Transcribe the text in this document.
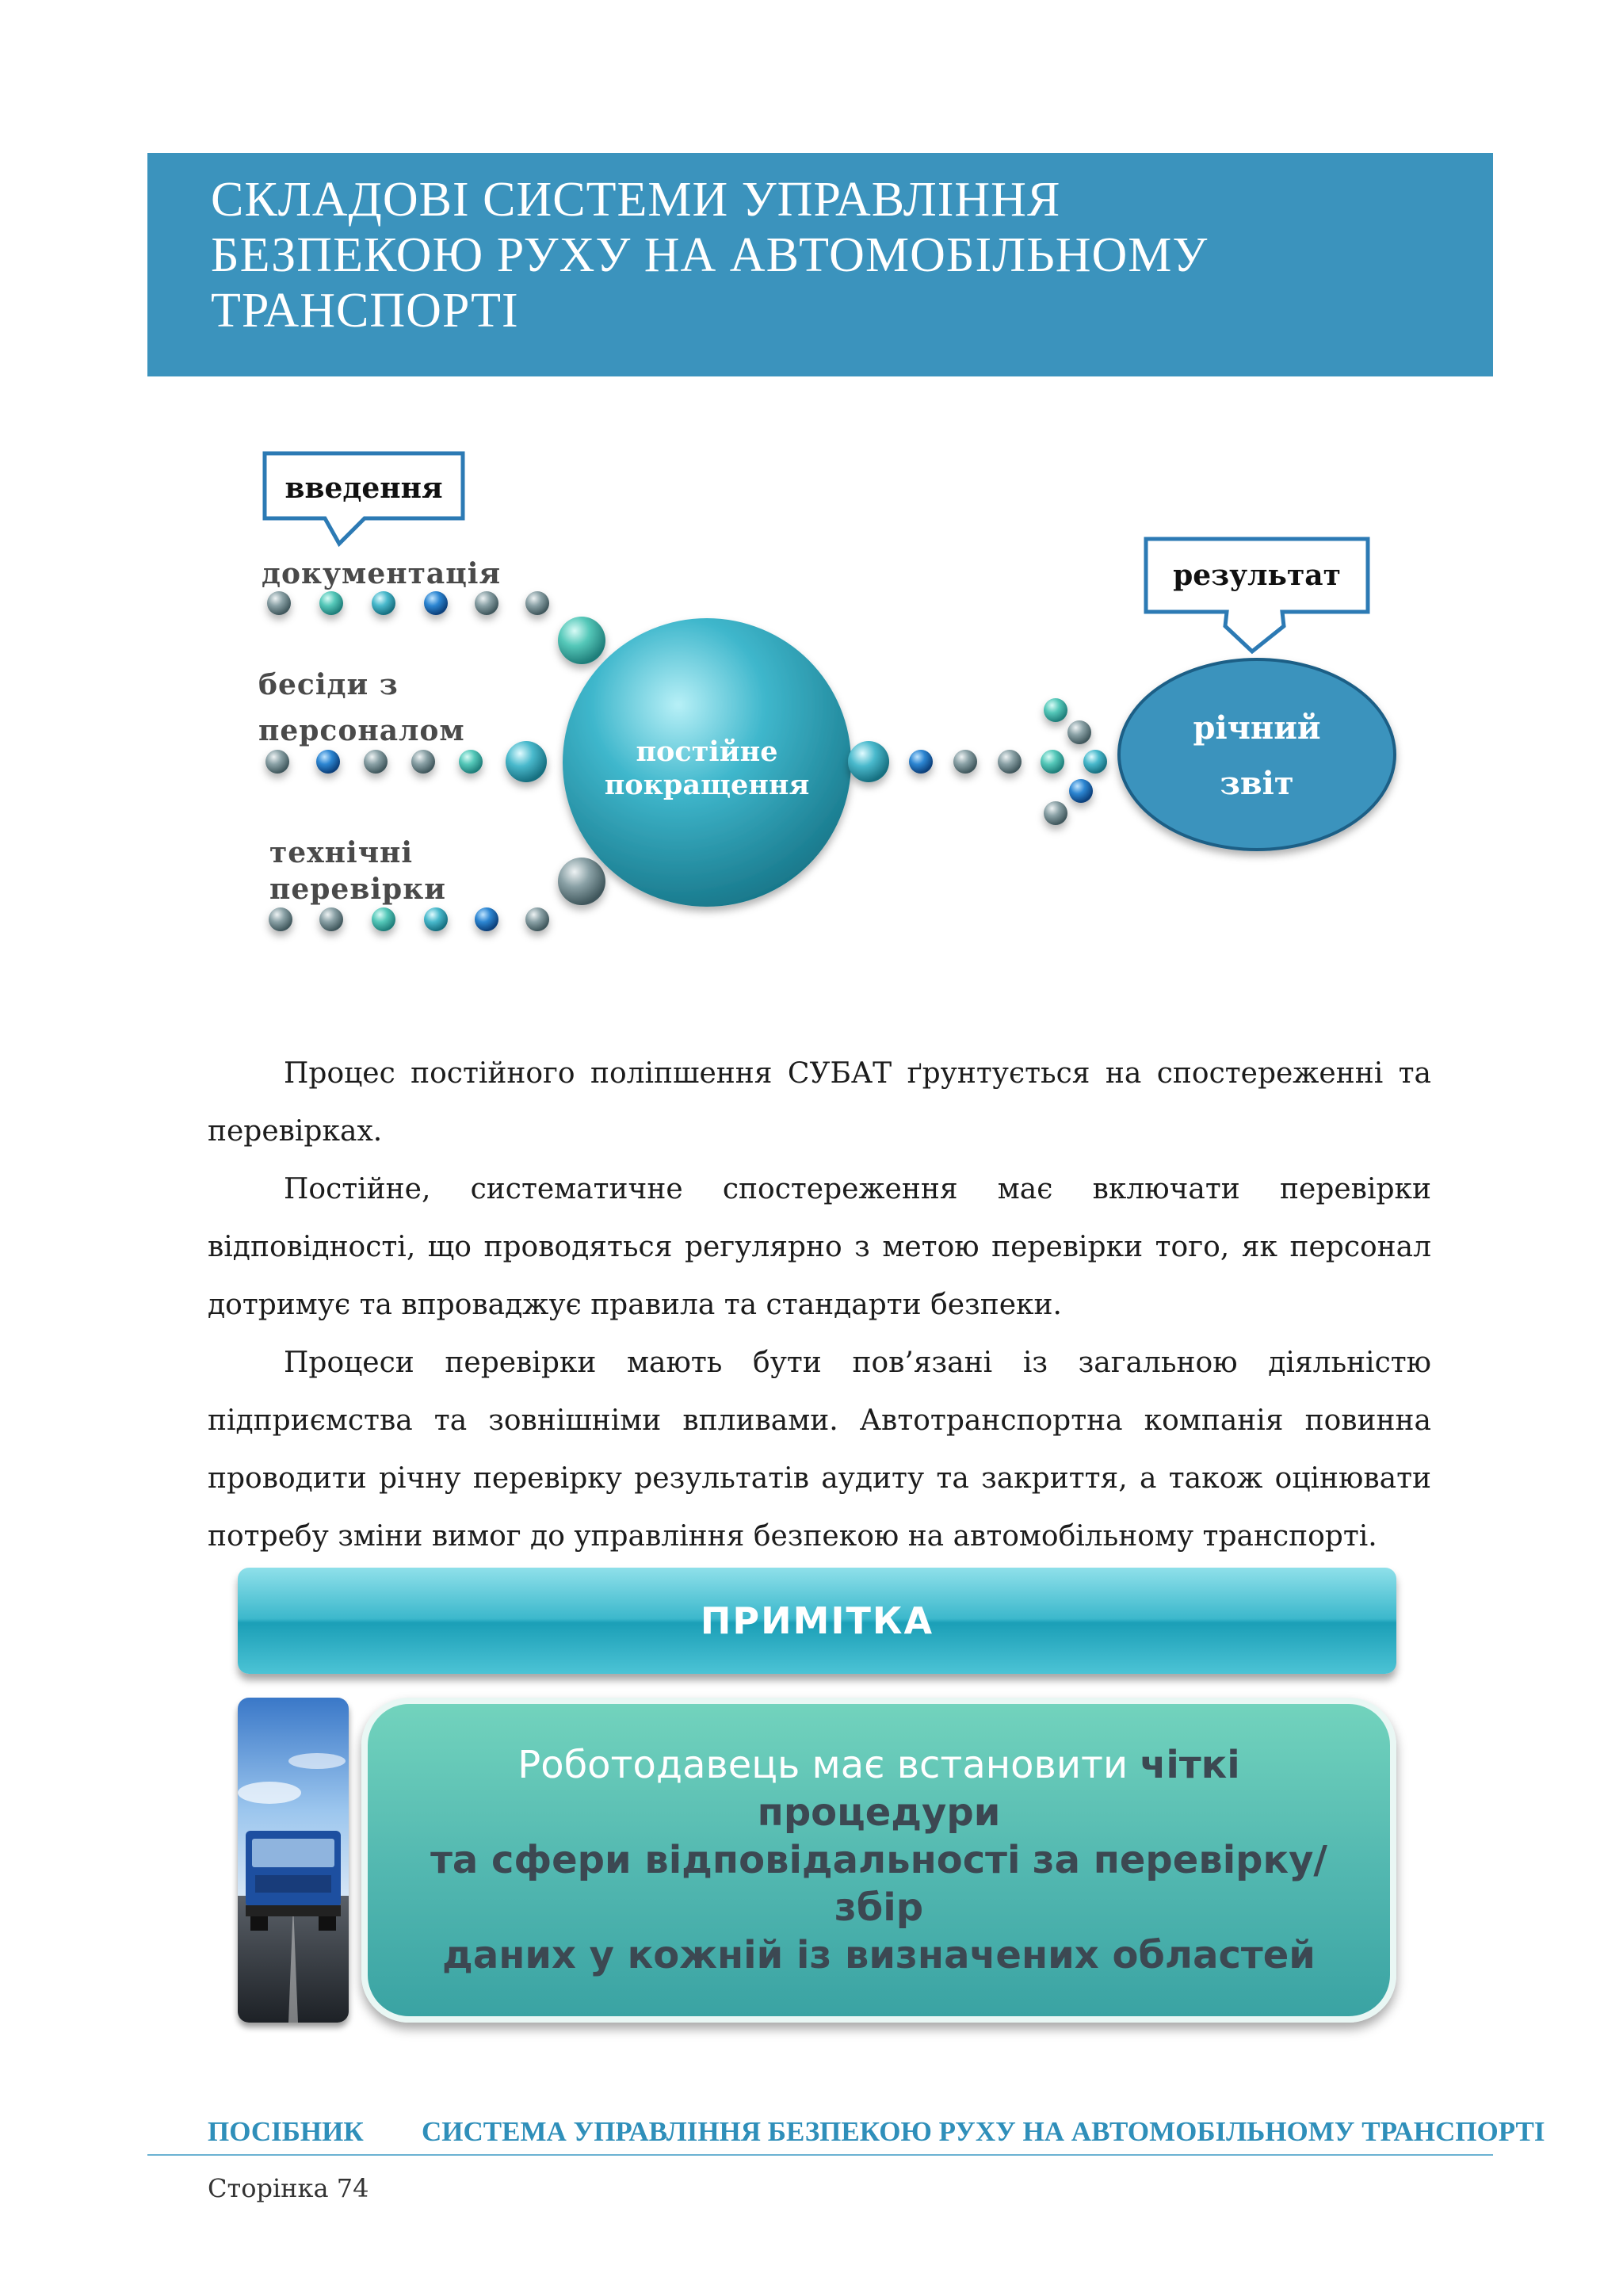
СКЛАДОВІ СИСТЕМИ УПРАВЛІННЯ
БЕЗПЕКОЮ РУХУ НА АВТОМОБІЛЬНОМУ
ТРАНСПОРТІ
введення
результат
документація
бесіди з
персоналом
технічні
перевірки
постійне
покращення
річний
звіт

Процес постійного поліпшення СУБАТ ґрунтується на спостереженні та перевірках.

Постійне, систематичне спостереження має включати перевірки відповідності, що проводяться регулярно з метою перевірки того, як персонал дотримує та впроваджує правила та стандарти безпеки.

Процеси перевірки мають бути пов’язані із загальною діяльністю підприємства та зовнішніми впливами. Автотранспортна компанія повинна проводити річну перевірку результатів аудиту та закриття, а також оцінювати потребу зміни вимог до управління безпекою на автомобільному транспорті.

ПРИМІТКА
Роботодавець має встановити чіткі процедури
та сфери відповідальності за перевірку/збір
даних у кожній із визначених областей
ПОСІБНИК СИСТЕМА УПРАВЛІННЯ БЕЗПЕКОЮ РУХУ НА АВТОМОБІЛЬНОМУ ТРАНСПОРТІ
Сторінка 74
